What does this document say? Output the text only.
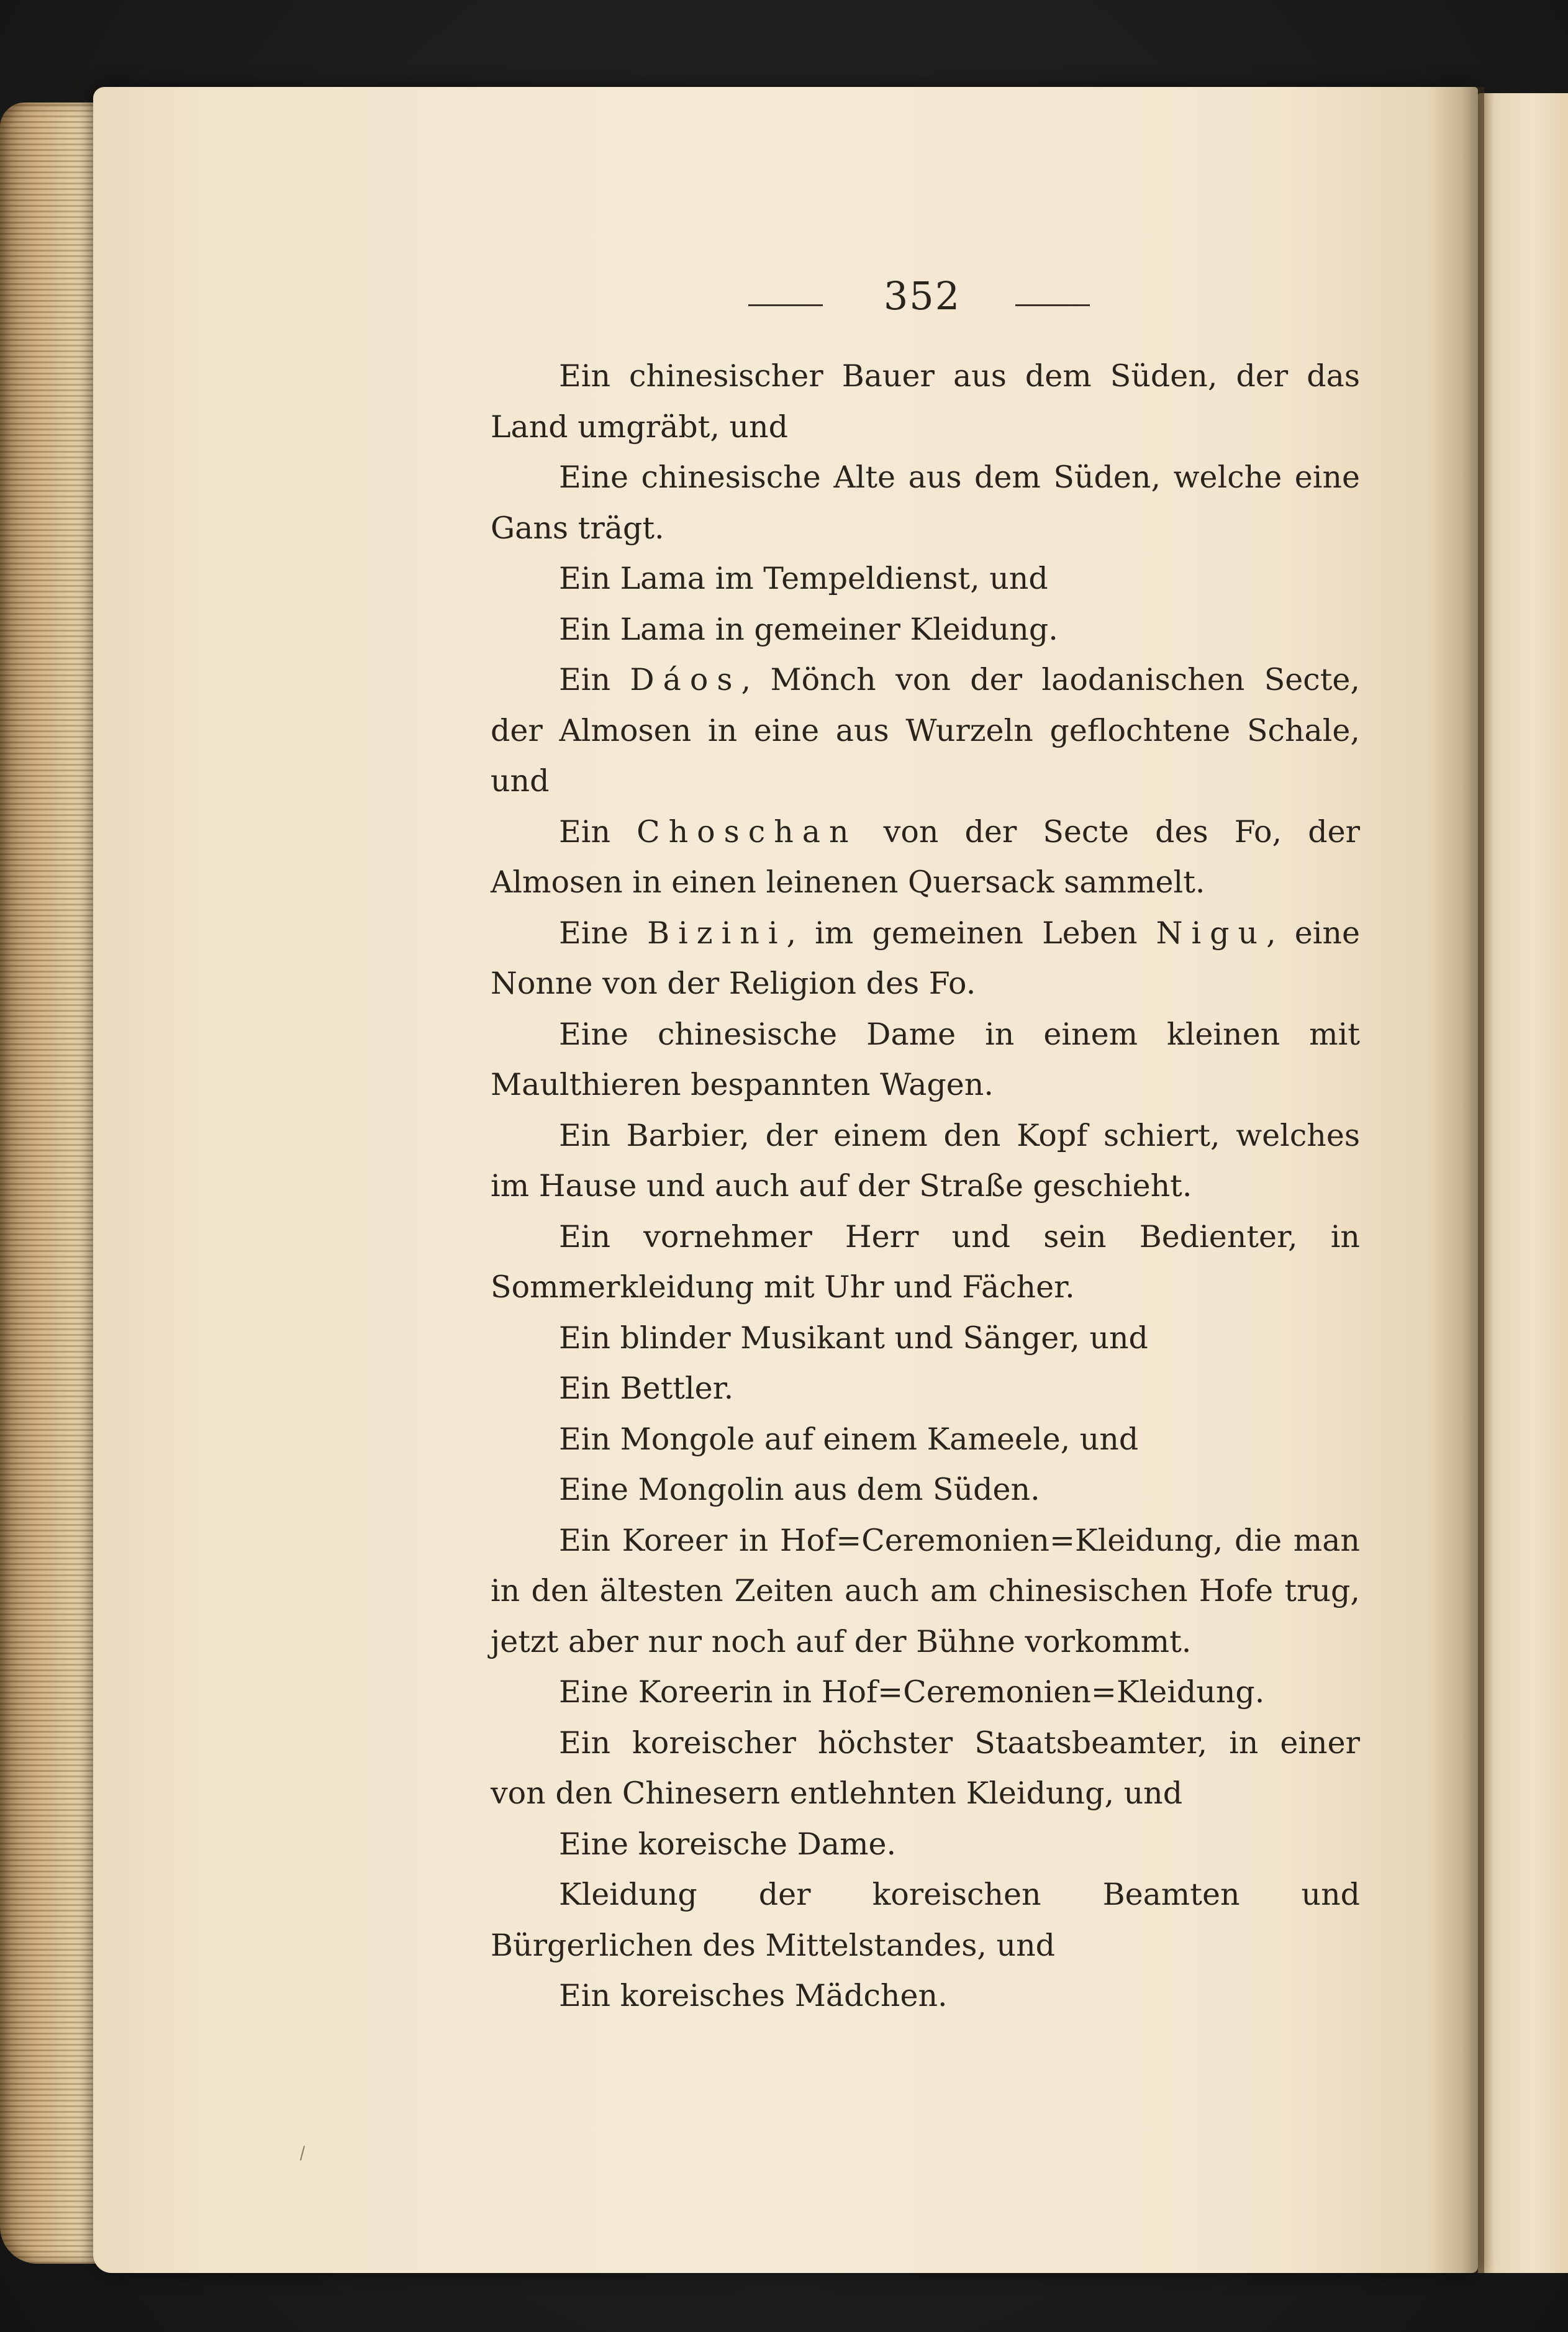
352

Ein chinesischer Bauer aus dem Süden, der das Land umgräbt, und

Eine chinesische Alte aus dem Süden, welche eine Gans trägt.

Ein Lama im Tempeldienst, und

Ein Lama in gemeiner Kleidung.

Ein Dáos, Mönch von der laodanischen Secte, der Almosen in eine aus Wurzeln geflochtene Schale, und

Ein Choschan von der Secte des Fo, der Almosen in einen leinenen Quersack sammelt.

Eine Bizini, im gemeinen Leben Nigu, eine Nonne von der Religion des Fo.

Eine chinesische Dame in einem kleinen mit Maulthieren bespannten Wagen.

Ein Barbier, der einem den Kopf schiert, welches im Hause und auch auf der Straße geschieht.

Ein vornehmer Herr und sein Bedienter, in Sommerkleidung mit Uhr und Fächer.

Ein blinder Musikant und Sänger, und

Ein Bettler.

Ein Mongole auf einem Kameele, und

Eine Mongolin aus dem Süden.

Ein Koreer in Hof=Ceremonien=Kleidung, die man in den ältesten Zeiten auch am chinesischen Hofe trug, jetzt aber nur noch auf der Bühne vorkommt.

Eine Koreerin in Hof=Ceremonien=Kleidung.

Ein koreischer höchster Staatsbeamter, in einer von den Chinesern entlehnten Kleidung, und

Eine koreische Dame.

Kleidung der koreischen Beamten und Bürgerlichen des Mittelstandes, und

Ein koreisches Mädchen.
